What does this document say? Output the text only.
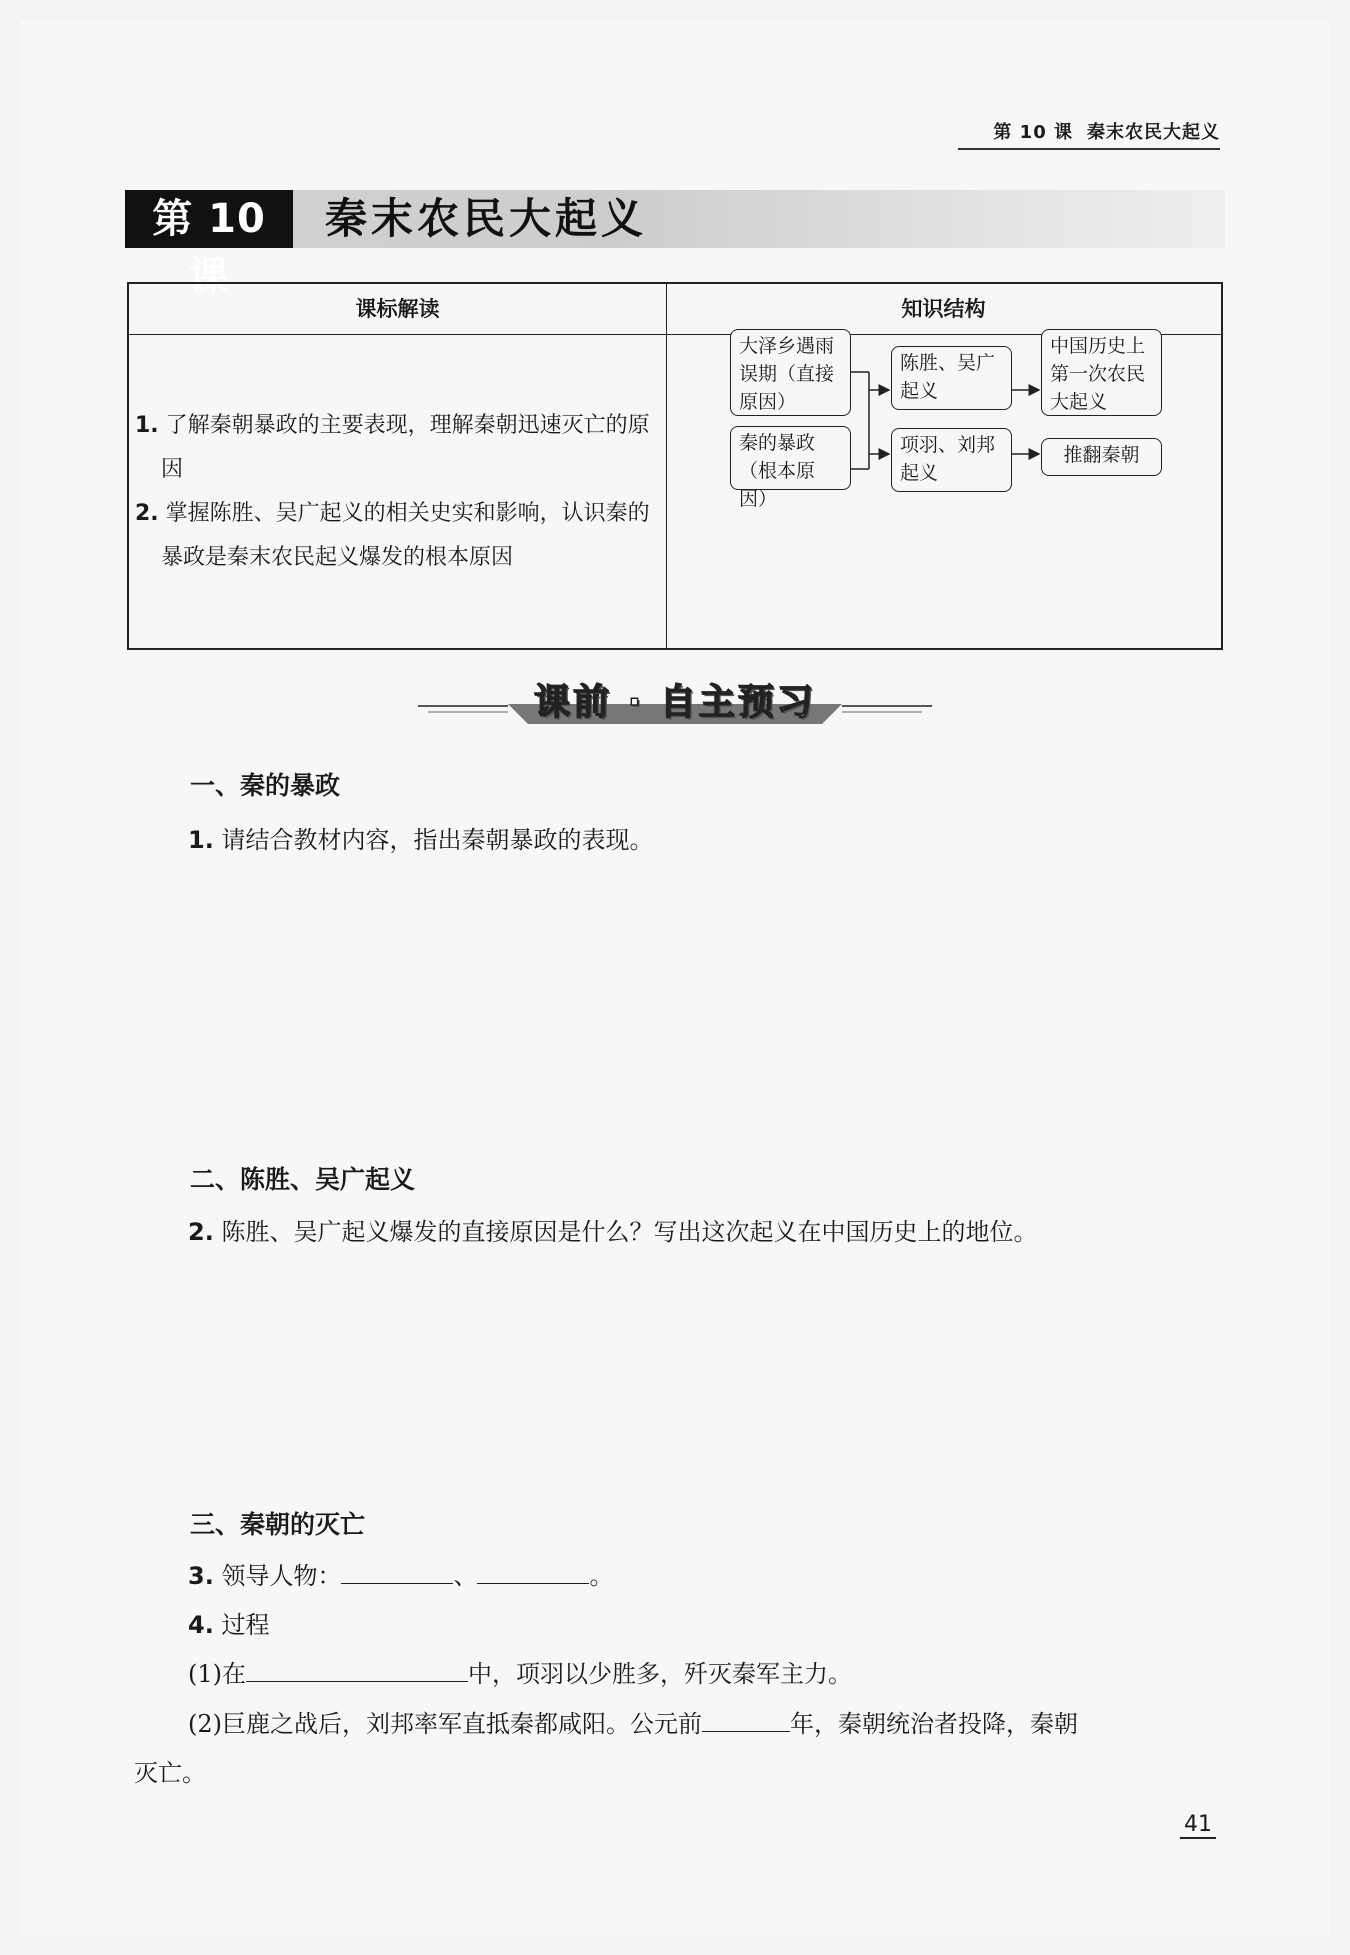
第 10 课 秦末农民大起义
第 10 课
秦末农民大起义
课标解读	知识结构
1. 了解秦朝暴政的主要表现，理解秦朝迅速灭亡的原因
2. 掌握陈胜、吴广起义的相关史实和影响，认识秦的暴政是秦末农民起义爆发的根本原因
大泽乡遇雨误期（直接原因）
秦的暴政（根本原因）
陈胜、吴广起义
项羽、刘邦起义
中国历史上第一次农民大起义
推翻秦朝
课前 · 自主预习
一、秦的暴政
1. 请结合教材内容，指出秦朝暴政的表现。
二、陈胜、吴广起义
2. 陈胜、吴广起义爆发的直接原因是什么？写出这次起义在中国历史上的地位。
三、秦朝的灭亡
3. 领导人物：	、	。
4. 过程
(1)在	中，项羽以少胜多，歼灭秦军主力。
(2)巨鹿之战后，刘邦率军直抵秦都咸阳。公元前	年，秦朝统治者投降，秦朝
灭亡。
41
